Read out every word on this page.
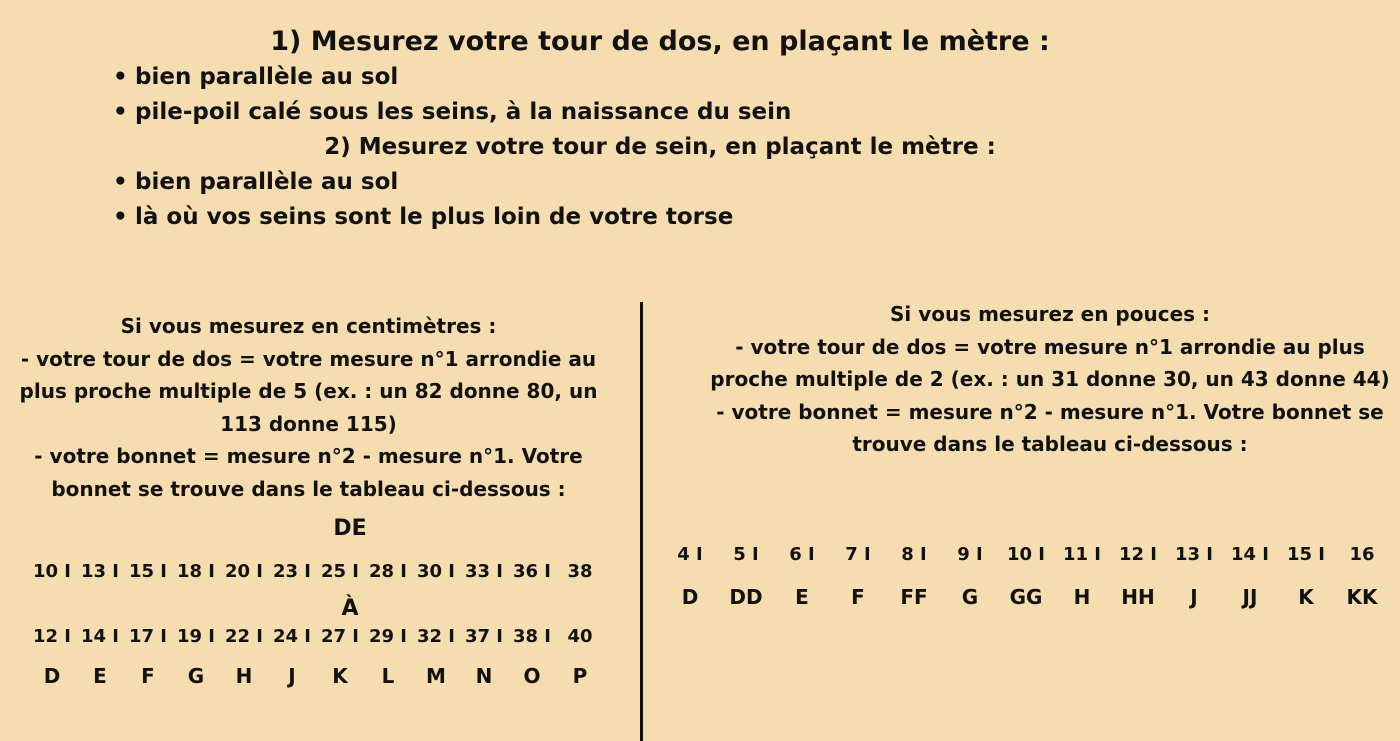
1) Mesurez votre tour de dos, en plaçant le mètre :
• bien parallèle au sol
• pile-poil calé sous les seins, à la naissance du sein
2) Mesurez votre tour de sein, en plaçant le mètre :
• bien parallèle au sol
• là où vos seins sont le plus loin de votre torse

Si vous mesurez en centimètres :

- votre tour de dos = votre mesure n°1 arrondie au plus proche multiple de 5 (ex. : un 82 donne 80, un 113 donne 115)

- votre bonnet = mesure n°2 - mesure n°1. Votre bonnet se trouve dans le tableau ci-dessous :

DE
10 I 13 I 15 I 18 I 20 I 23 I 25 I 28 I 30 I 33 I 36 I 38
À
12 I 14 I 17 I 19 I 22 I 24 I 27 I 29 I 32 I 37 I 38 I 40
D	E	F	G	H	J	K	L	M	N	O	P

Si vous mesurez en pouces :

- votre tour de dos = votre mesure n°1 arrondie au plus proche multiple de 2 (ex. : un 31 donne 30, un 43 donne 44)

- votre bonnet = mesure n°2 - mesure n°1. Votre bonnet se trouve dans le tableau ci-dessous :

4 I	5 I	6 I	7 I	8 I	9 I	10 I 11 I 12 I 13 I 14 I 15 I	16
D	DD	E	F	FF	G	GG	H	HH	J	JJ	K	KK
